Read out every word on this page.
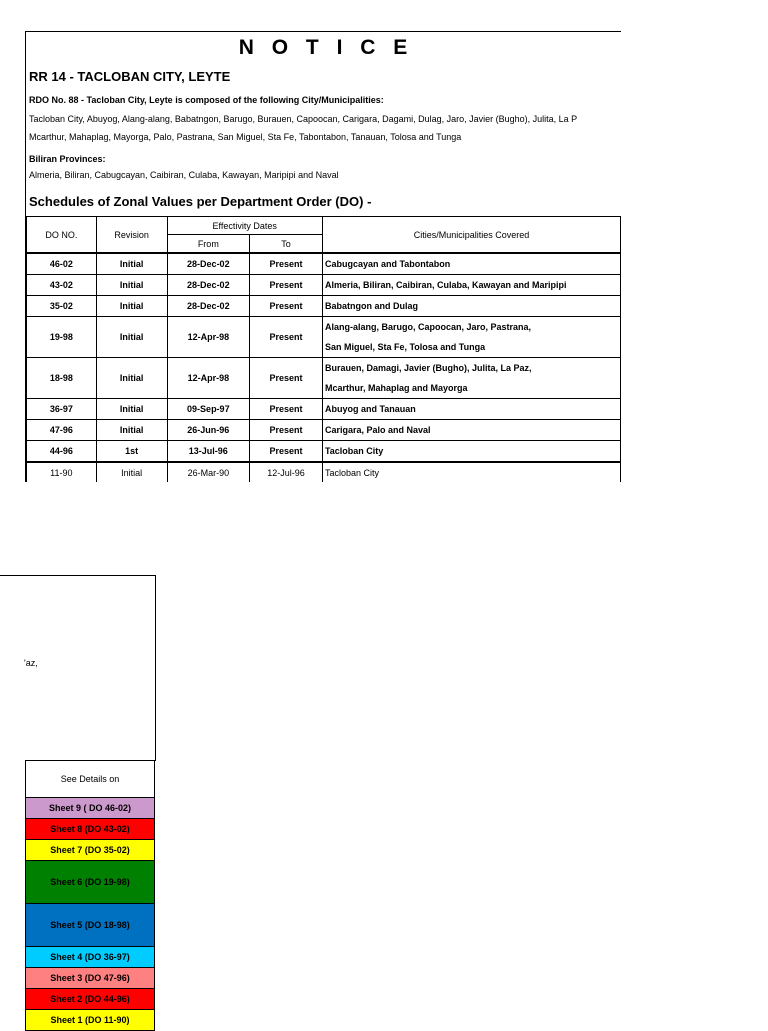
N O T I C E
RR 14 - TACLOBAN CITY, LEYTE
RDO No. 88 - Tacloban City, Leyte is composed of the following City/Municipalities:
Tacloban City, Abuyog, Alang-alang, Babatngon, Barugo, Burauen, Capoocan, Carigara, Dagami, Dulag, Jaro, Javier (Bugho), Julita, La P
Mcarthur, Mahaplag, Mayorga, Palo, Pastrana, San Miguel, Sta Fe, Tabontabon, Tanauan, Tolosa and Tunga
Biliran Provinces:
Almeria, Biliran, Cabugcayan, Caibiran, Culaba, Kawayan, Maripipi and Naval
Schedules of Zonal Values per Department Order (DO) -
DO NO.	Revision	Effectivity Dates		Cities/Municipalities Covered
		From	To	
46-02	Initial	28-Dec-02	Present	Cabugcayan and Tabontabon

43-02	Initial	28-Dec-02	Present	Almeria, Biliran, Caibiran, Culaba, Kawayan and Maripipi

35-02	Initial	28-Dec-02	Present	Babatngon and Dulag

19-98	Initial	12-Apr-98	Present	Alang-alang, Barugo, Capoocan, Jaro, Pastrana,
San Miguel, Sta Fe, Tolosa and Tunga

18-98	Initial	12-Apr-98	Present	Burauen, Damagi, Javier (Bugho), Julita, La Paz,
Mcarthur, Mahaplag and Mayorga

36-97	Initial	09-Sep-97	Present	Abuyog and Tanauan

47-96	Initial	26-Jun-96	Present	Carigara, Palo and Naval

44-96	1st	13-Jul-96	Present	Tacloban City

11-90	Initial	26-Mar-90	12-Jul-96	Tacloban City
'az,
See Details on
Sheet 9 ( DO 46-02)
Sheet 8 (DO 43-02)
Sheet 7 (DO 35-02)
Sheet 6 (DO 19-98)
Sheet 5 (DO 18-98)
Sheet 4 (DO 36-97)
Sheet 3 (DO 47-96)
Sheet 2 (DO 44-96)
Sheet 1 (DO 11-90)
